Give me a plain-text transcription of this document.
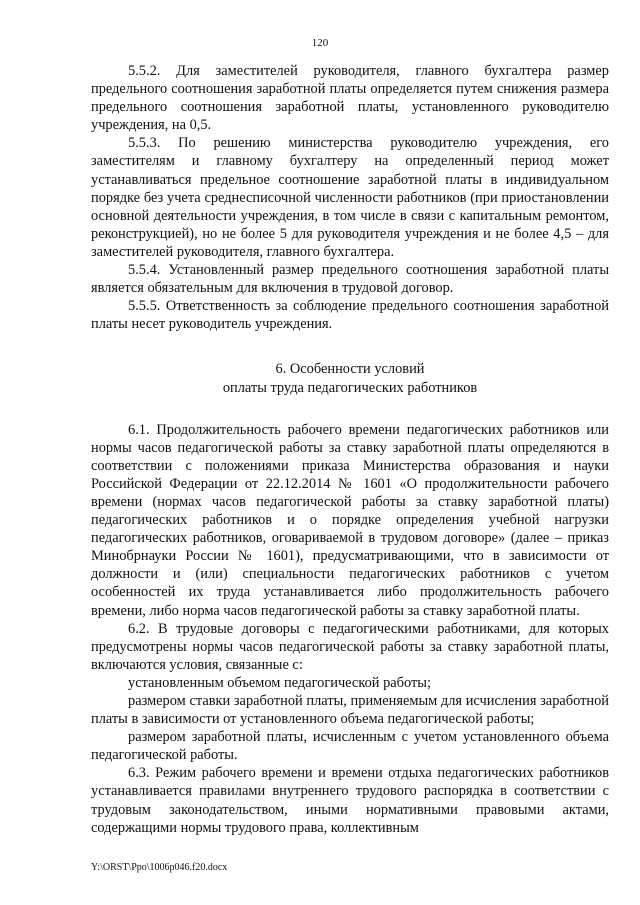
120

5.5.2. Для заместителей руководителя, главного бухгалтера размер предельного соотношения заработной платы определяется путем снижения размера предельного соотношения заработной платы, установленного руководителю учреждения, на 0,5.

5.5.3. По решению министерства руководителю учреждения, его заместителям и главному бухгалтеру на определенный период может устанавливаться предельное соотношение заработной платы в индивидуальном порядке без учета среднесписочной численности работников (при приостановлении основной деятельности учреждения, в том числе в связи с капитальным ремонтом, реконструкцией), но не более 5 для руководителя учреждения и не более 4,5 – для заместителей руководителя, главного бухгалтера.

5.5.4. Установленный размер предельного соотношения заработной платы является обязательным для включения в трудовой договор.

5.5.5. Ответственность за соблюдение предельного соотношения заработной платы несет руководитель учреждения.

6. Особенности условий
оплаты труда педагогических работников

6.1. Продолжительность рабочего времени педагогических работников или нормы часов педагогической работы за ставку заработной платы определяются в соответствии с положениями приказа Министерства образования и науки Российской Федерации от 22.12.2014 № 1601 «О продолжительности рабочего времени (нормах часов педагогической работы за ставку заработной платы) педагогических работников и о порядке определения учебной нагрузки педагогических работников, оговариваемой в трудовом договоре» (далее – приказ Минобрнауки России № 1601), предусматривающими, что в зависимости от должности и (или) специальности педагогических работников с учетом особенностей их труда устанавливается либо продолжительность рабочего времени, либо норма часов педагогической работы за ставку заработной платы.

6.2. В трудовые договоры с педагогическими работниками, для которых предусмотрены нормы часов педагогической работы за ставку заработной платы, включаются условия, связанные с:

установленным объемом педагогической работы;

размером ставки заработной платы, применяемым для исчисления заработной платы в зависимости от установленного объема педагогической работы;

размером заработной платы, исчисленным с учетом установленного объема педагогической работы.

6.3. Режим рабочего времени и времени отдыха педагогических работников устанавливается правилами внутреннего трудового распорядка в соответствии с трудовым законодательством, иными нормативными правовыми актами, содержащими нормы трудового права, коллективным

Y:\ORST\Ppo\1006p046.f20.docx
